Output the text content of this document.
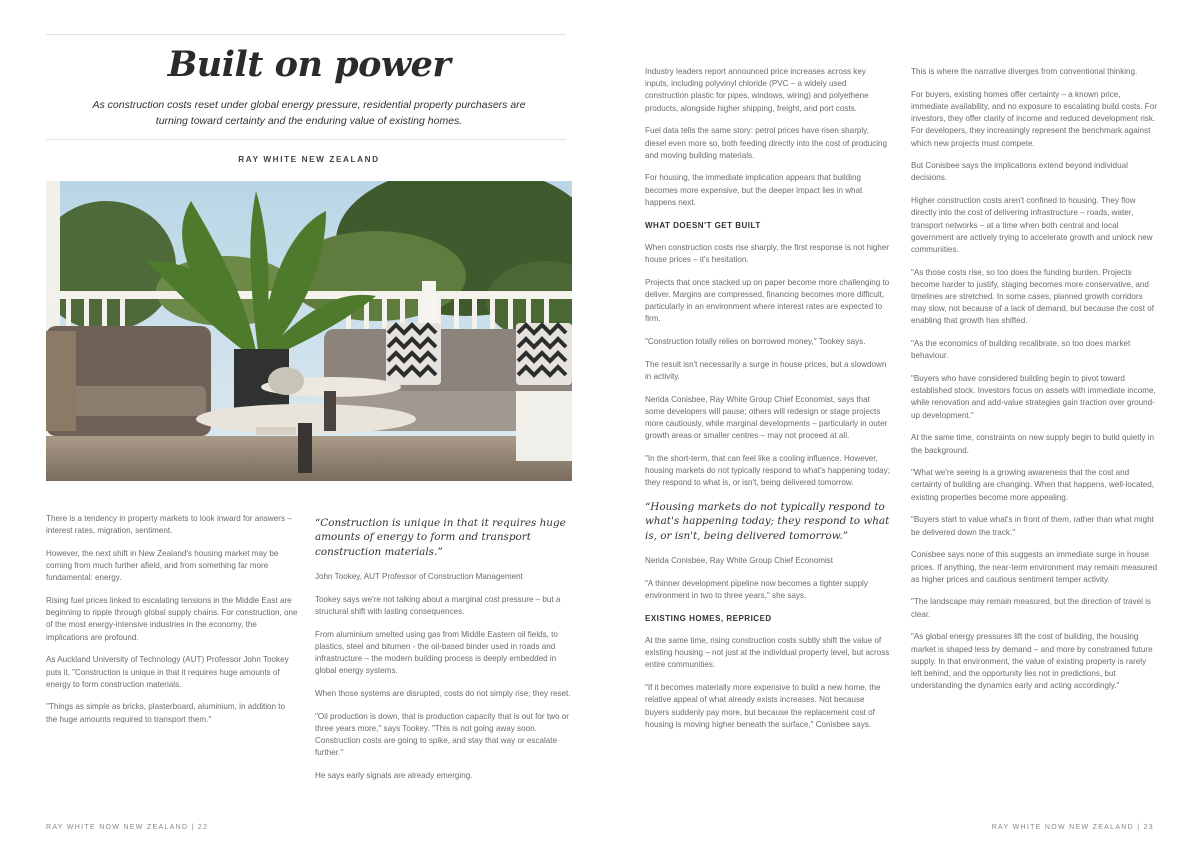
Built on power

As construction costs reset under global energy pressure, residential property purchasers are turning toward certainty and the enduring value of existing homes.

RAY WHITE NEW ZEALAND

There is a tendency in property markets to look inward for answers – interest rates, migration, sentiment.

However, the next shift in New Zealand's housing market may be coming from much further afield, and from something far more fundamental: energy.

Rising fuel prices linked to escalating tensions in the Middle East are beginning to ripple through global supply chains. For construction, one of the most energy-intensive industries in the economy, the implications are profound.

As Auckland University of Technology (AUT) Professor John Tookey puts it, "Construction is unique in that it requires huge amounts of energy to form construction materials.

"Things as simple as bricks, plasterboard, aluminium, in addition to the huge amounts required to transport them."

“Construction is unique in that it requires huge amounts of energy to form and transport construction materials.”

John Tookey, AUT Professor of Construction Management

Tookey says we're not talking about a marginal cost pressure – but a structural shift with lasting consequences.

From aluminium smelted using gas from Middle Eastern oil fields, to plastics, steel and bitumen - the oil-based binder used in roads and infrastructure – the modern building process is deeply embedded in global energy systems.

When those systems are disrupted, costs do not simply rise; they reset.

"Oil production is down, that is production capacity that is out for two or three years more," says Tookey. "This is not going away soon. Construction costs are going to spike, and stay that way or escalate further."

He says early signals are already emerging.

RAY WHITE NOW NEW ZEALAND | 22

Industry leaders report announced price increases across key inputs, including polyvinyl chloride (PVC – a widely used construction plastic for pipes, windows, wiring) and polyethene products, alongside higher shipping, freight, and port costs.

Fuel data tells the same story: petrol prices have risen sharply, diesel even more so, both feeding directly into the cost of producing and moving building materials.

For housing, the immediate implication appears that building becomes more expensive, but the deeper impact lies in what happens next.

WHAT DOESN'T GET BUILT

When construction costs rise sharply, the first response is not higher house prices – it's hesitation.

Projects that once stacked up on paper become more challenging to deliver. Margins are compressed, financing becomes more difficult, particularly in an environment where interest rates are expected to firm.

"Construction totally relies on borrowed money," Tookey says.

The result isn't necessarily a surge in house prices, but a slowdown in activity.

Nerida Conisbee, Ray White Group Chief Economist, says that some developers will pause; others will redesign or stage projects more cautiously, while marginal developments – particularly in outer growth areas or smaller centres – may not proceed at all.

"In the short-term, that can feel like a cooling influence. However, housing markets do not typically respond to what's happening today; they respond to what is, or isn't, being delivered tomorrow.

“Housing markets do not typically respond to what's happening today; they respond to what is, or isn't, being delivered tomorrow.”

Nerida Conisbee, Ray White Group Chief Economist

"A thinner development pipeline now becomes a tighter supply environment in two to three years," she says.

EXISTING HOMES, REPRICED

At the same time, rising construction costs subtly shift the value of existing housing – not just at the individual property level, but across entire communities.

"If it becomes materially more expensive to build a new home, the relative appeal of what already exists increases. Not because buyers suddenly pay more, but because the replacement cost of housing is moving higher beneath the surface," Conisbee says.

This is where the narrative diverges from conventional thinking.

For buyers, existing homes offer certainty – a known price, immediate availability, and no exposure to escalating build costs. For investors, they offer clarity of income and reduced development risk. For developers, they increasingly represent the benchmark against which new projects must compete.

But Conisbee says the implications extend beyond individual decisions.

Higher construction costs aren't confined to housing. They flow directly into the cost of delivering infrastructure – roads, water, transport networks – at a time when both central and local government are actively trying to accelerate growth and unlock new communities.

"As those costs rise, so too does the funding burden. Projects become harder to justify, staging becomes more conservative, and timelines are stretched. In some cases, planned growth corridors may slow, not because of a lack of demand, but because the cost of enabling that growth has shifted.

"As the economics of building recalibrate, so too does market behaviour.

"Buyers who have considered building begin to pivot toward established stock. Investors focus on assets with immediate income, while renovation and add-value strategies gain traction over ground-up development."

At the same time, constraints on new supply begin to build quietly in the background.

"What we're seeing is a growing awareness that the cost and certainty of building are changing. When that happens, well-located, existing properties become more appealing.

"Buyers start to value what's in front of them, rather than what might be delivered down the track."

Conisbee says none of this suggests an immediate surge in house prices. If anything, the near-term environment may remain measured as higher prices and cautious sentiment temper activity.

"The landscape may remain measured, but the direction of travel is clear.

"As global energy pressures lift the cost of building, the housing market is shaped less by demand – and more by constrained future supply. In that environment, the value of existing property is rarely left behind, and the opportunity lies not in predictions, but understanding the dynamics early and acting accordingly."

RAY WHITE NOW NEW ZEALAND | 23
